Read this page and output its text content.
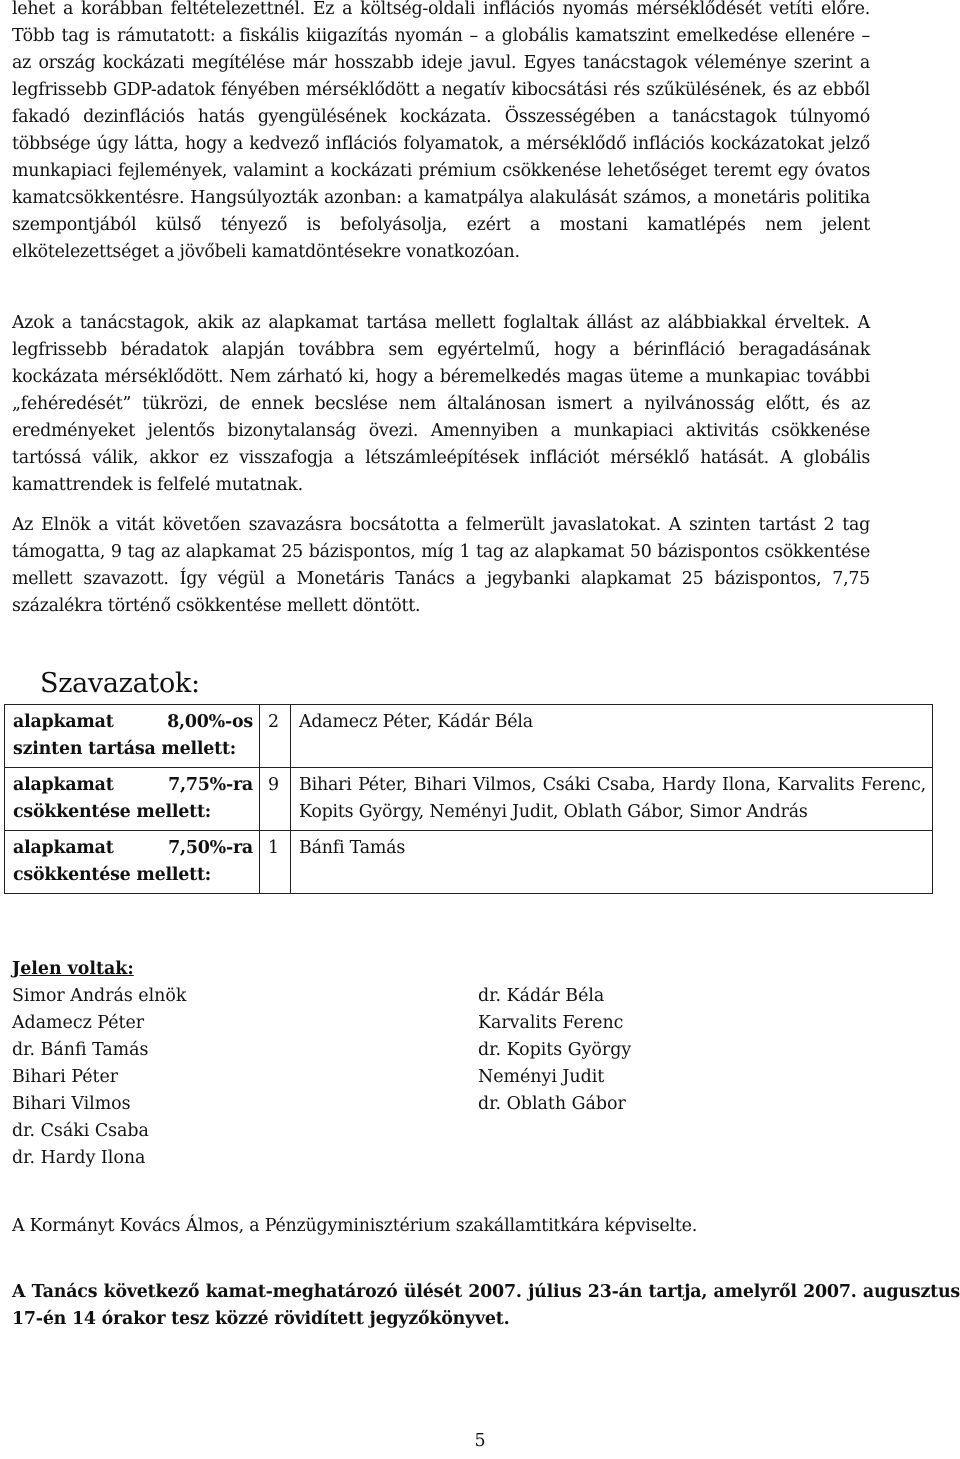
lehet a korábban feltételezettnél. Ez a költség-oldali inflációs nyomás mérséklődését vetíti előre. Több tag is rámutatott: a fiskális kiigazítás nyomán – a globális kamatszint emelkedése ellenére – az ország kockázati megítélése már hosszabb ideje javul. Egyes tanácstagok véleménye szerint a legfrissebb GDP-adatok fényében mérséklődött a negatív kibocsátási rés szűkülésének, és az ebből fakadó dezinflációs hatás gyengülésének kockázata. Összességében a tanácstagok túlnyomó többsége úgy látta, hogy a kedvező inflációs folyamatok, a mérséklődő inflációs kockázatokat jelző munkapiaci fejlemények, valamint a kockázati prémium csökkenése lehetőséget teremt egy óvatos kamatcsökkentésre. Hangsúlyozták azonban: a kamatpálya alakulását számos, a monetáris politika szempontjából külső tényező is befolyásolja, ezért a mostani kamatlépés nem jelent elkötelezettséget a jövőbeli kamatdöntésekre vonatkozóan.

Azok a tanácstagok, akik az alapkamat tartása mellett foglaltak állást az alábbiakkal érveltek. A legfrissebb béradatok alapján továbbra sem egyértelmű, hogy a bérinfláció beragadásának kockázata mérséklődött. Nem zárható ki, hogy a béremelkedés magas üteme a munkapiac további „fehéredését” tükrözi, de ennek becslése nem általánosan ismert a nyilvánosság előtt, és az eredményeket jelentős bizonytalanság övezi. Amennyiben a munkapiaci aktivitás csökkenése tartóssá válik, akkor ez visszafogja a létszámleépítések inflációt mérséklő hatását. A globális kamattrendek is felfelé mutatnak.

Az Elnök a vitát követően szavazásra bocsátotta a felmerült javaslatokat. A szinten tartást 2 tag támogatta, 9 tag az alapkamat 25 bázispontos, míg 1 tag az alapkamat 50 bázispontos csökkentése mellett szavazott. Így végül a Monetáris Tanács a jegybanki alapkamat 25 bázispontos, 7,75 százalékra történő csökkentése mellett döntött.

Szavazatok:
alapkamat 8,00%-os
szinten tartása mellett:	2	Adamecz Péter, Kádár Béla

alapkamat 7,75%-ra
csökkentése mellett:	9	Bihari Péter, Bihari Vilmos, Csáki Csaba, Hardy Ilona, Karvalits Ferenc, Kopits György, Neményi Judit, Oblath Gábor, Simor András

alapkamat 7,50%-ra
csökkentése mellett:	1	Bánfi Tamás
Jelen voltak:
Simor András elnök
Adamecz Péter
dr. Bánfi Tamás
Bihari Péter
Bihari Vilmos
dr. Csáki Csaba
dr. Hardy Ilona
dr. Kádár Béla
Karvalits Ferenc
dr. Kopits György
Neményi Judit
dr. Oblath Gábor

A Kormányt Kovács Álmos, a Pénzügyminisztérium szakállamtitkára képviselte.

A Tanács következő kamat-meghatározó ülését 2007. július 23-án tartja, amelyről 2007. augusztus 17-én 14 órakor tesz közzé rövidített jegyzőkönyvet.

5
